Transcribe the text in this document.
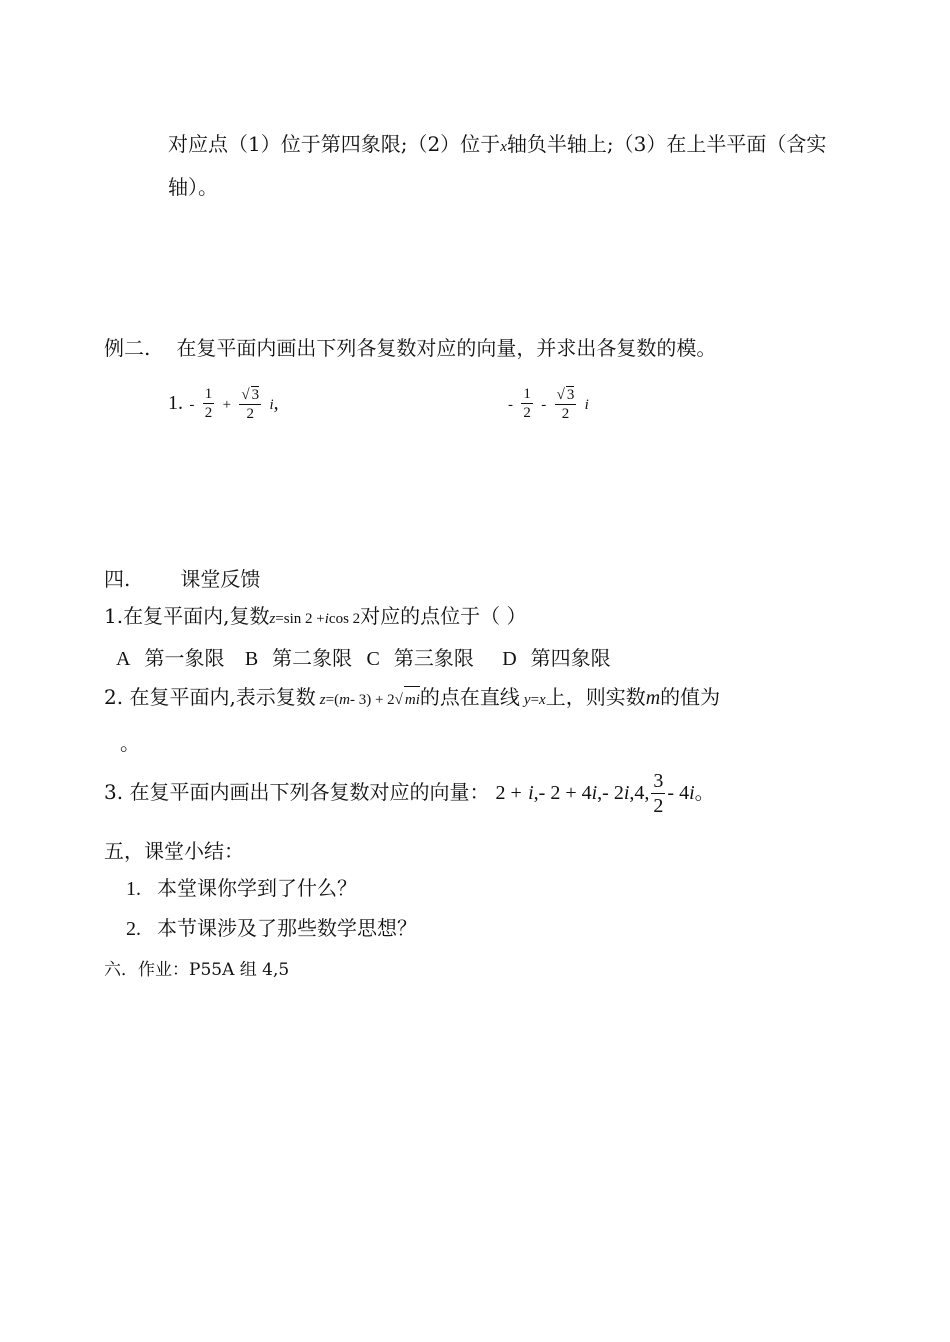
对应点（1）位于第四象限;（2）位于x轴负半轴上;（3）在上半平面（含实
轴）。
例二. 在复平面内画出下列各复数对应的向量，并求出各复数的模。
1. - $\frac{1}{2} + \frac{√ 3}{2} i$,	- $\frac{1}{2} - \frac{√ 3}{2}$ i
四.	课堂反馈
1.在复平面内,复数z=sin 2 +icos 2对应的点位于（ ）
A 第一象限 B 第二象限 C 第三象限 D 第四象限
2. 在复平面内,表示复数 z=(m- 3) + 2√ mi的点在直线 y=x上，则实数m的值为
。
3. 在复平面内画出下列各复数对应的向量： 2 + i,- 2 + 4i,- 2i,4, $\frac{3}{2} - 4i$。
五，课堂小结：
1. 本堂课你学到了什么？
2. 本节课涉及了那些数学思想？
六．作业：P55A 组 4,5
